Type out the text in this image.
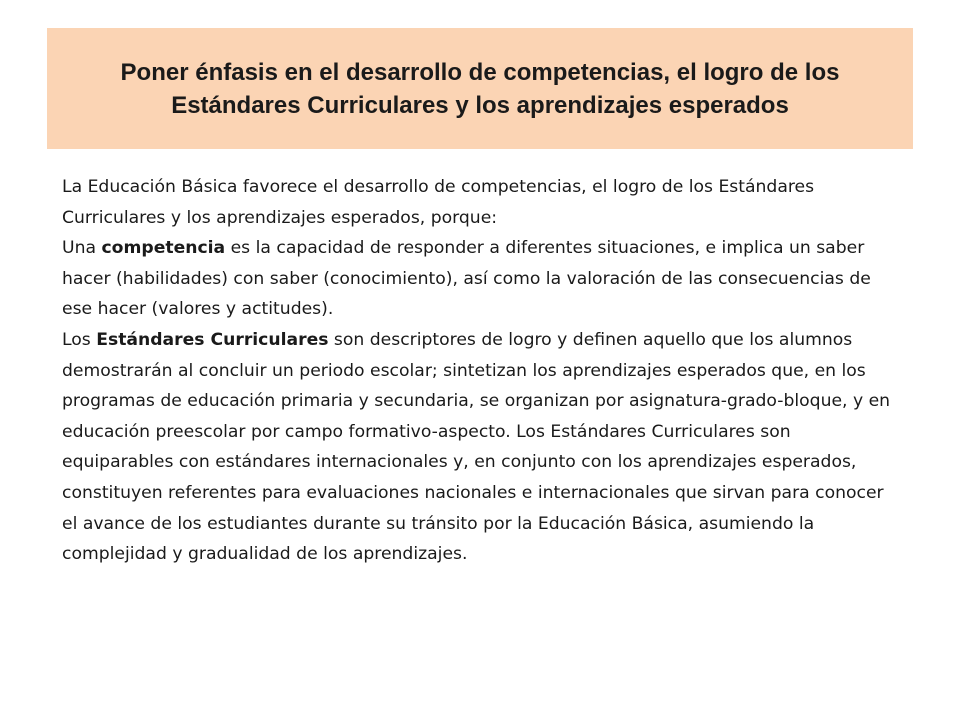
Poner énfasis en el desarrollo de competencias, el logro de los Estándares Curriculares y los aprendizajes esperados

La Educación Básica favorece el desarrollo de competencias, el logro de los Estándares Curriculares y los aprendizajes esperados, porque:

Una competencia es la capacidad de responder a diferentes situaciones, e implica un saber hacer (habilidades) con saber (conocimiento), así como la valoración de las consecuencias de ese hacer (valores y actitudes).

Los Estándares Curriculares son descriptores de logro y definen aquello que los alumnos demostrarán al concluir un periodo escolar; sintetizan los aprendizajes esperados que, en los programas de educación primaria y secundaria, se organizan por asignatura-grado-bloque, y en educación preescolar por campo formativo-aspecto. Los Estándares Curriculares son equiparables con estándares internacionales y, en conjunto con los aprendizajes esperados, constituyen referentes para evaluaciones nacionales e internacionales que sirvan para conocer el avance de los estudiantes durante su tránsito por la Educación Básica, asumiendo la complejidad y gradualidad de los aprendizajes.
